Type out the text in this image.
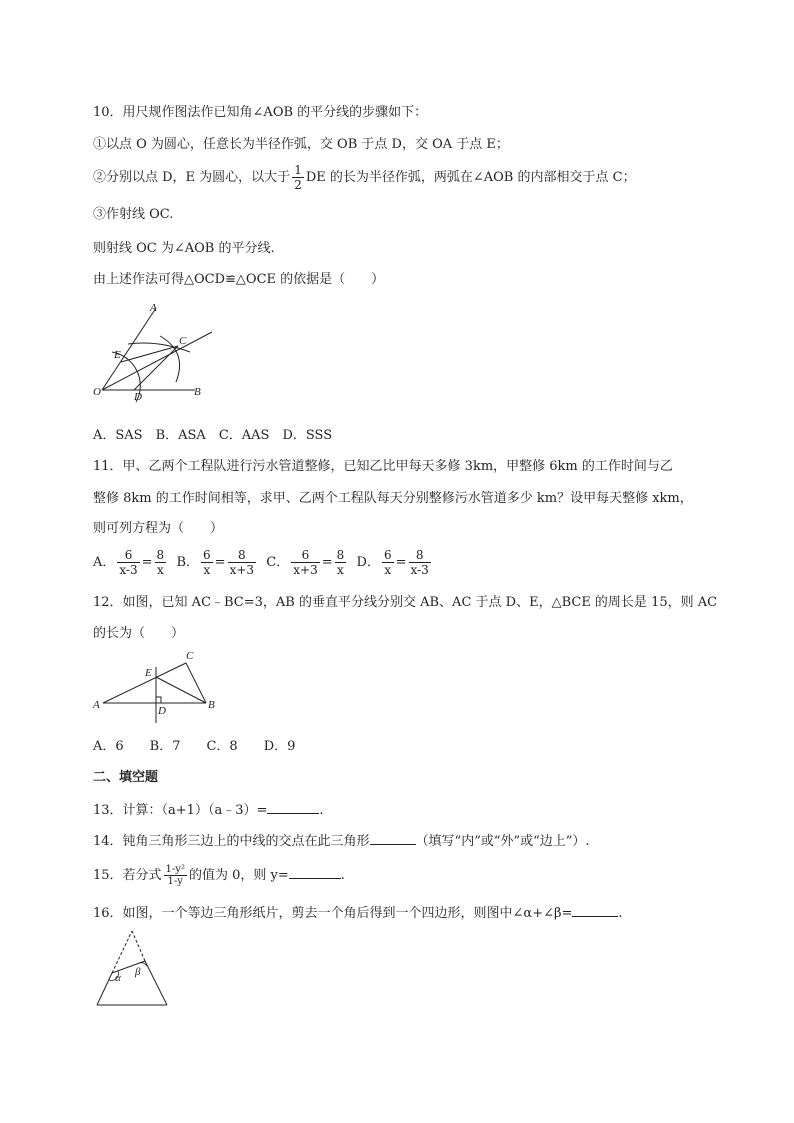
10．用尺规作图法作已知角∠AOB 的平分线的步骤如下：
①以点 O 为圆心，任意长为半径作弧，交 OB 于点 D，交 OA 于点 E；
②分别以点 D，E 为圆心，以大于 $\frac{1}{2}$ DE 的长为半径作弧，两弧在∠AOB 的内部相交于点 C；
③作射线 OC.
则射线 OC 为∠AOB 的平分线.
由上述作法可得△OCD≌△OCE 的依据是（　　）
A
C
E
O	D	B
A．SAS　B．ASA　C．AAS　D．SSS
11．甲、乙两个工程队进行污水管道整修，已知乙比甲每天多修 3km，甲整修 6km 的工作时间与乙
整修 8km 的工作时间相等，求甲、乙两个工程队每天分别整修污水管道多少 km？设甲每天整修 xkm，
则可列方程为（　　）
A． $\frac{6}{x-3} = \frac{8}{x}$ B． $\frac{6}{x} = \frac{8}{x+3}$ C． $\frac{6}{x+3} = \frac{8}{x}$ D． $\frac{6}{x} = \frac{8}{x-3}$
12．如图，已知 AC﹣BC=3，AB 的垂直平分线分别交 AB、AC 于点 D、E，△BCE 的周长是 15，则 AC
的长为（　　）
A	B
C
D
E
A．6　　B．7　　C．8　　D．9
二、填空题
13．计算：（a+1）（a﹣3）=	.
14．钝角三角形三边上的中线的交点在此三角形	（填写“内”或“外”或“边上”）.
15．若分式 $\frac{\text{1-y²}}{1-y}$ 的值为 0，则 y=	.
16．如图，一个等边三角形纸片，剪去一个角后得到一个四边形，则图中∠α+∠β=	.
α β
